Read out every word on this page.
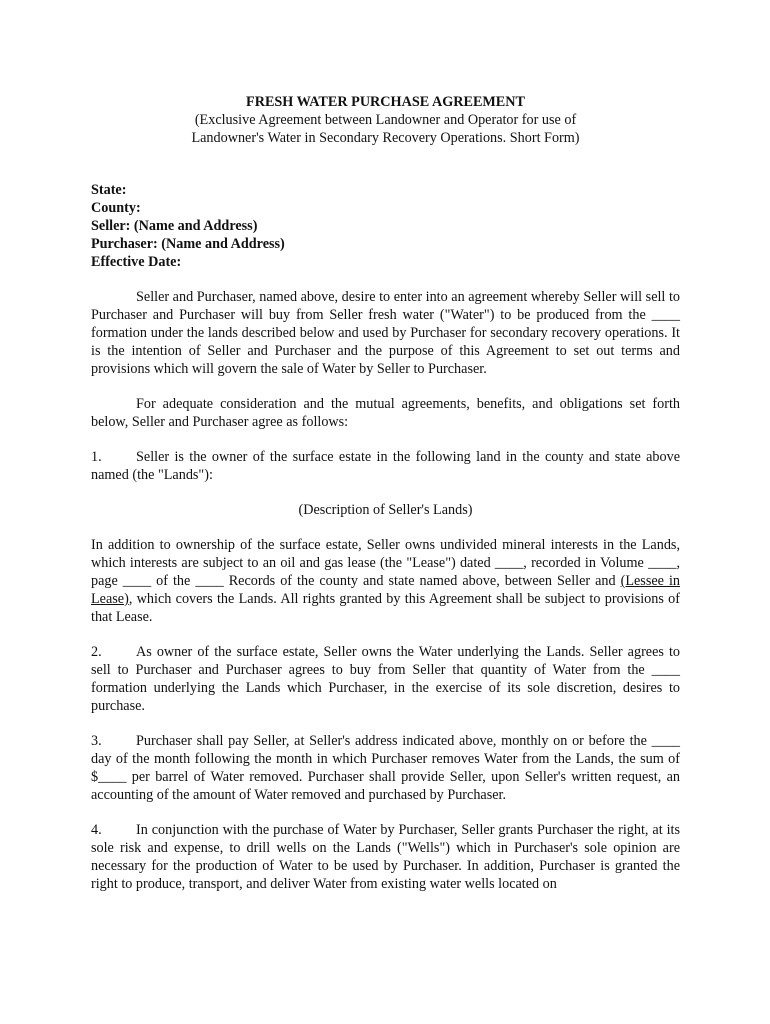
FRESH WATER PURCHASE AGREEMENT
(Exclusive Agreement between Landowner and Operator for use of
Landowner's Water in Secondary Recovery Operations. Short Form)
State:
County:
Seller: (Name and Address)
Purchaser: (Name and Address)
Effective Date:

Seller and Purchaser, named above, desire to enter into an agreement whereby Seller will sell to Purchaser and Purchaser will buy from Seller fresh water ("Water") to be produced from the ____ formation under the lands described below and used by Purchaser for secondary recovery operations. It is the intention of Seller and Purchaser and the purpose of this Agreement to set out terms and provisions which will govern the sale of Water by Seller to Purchaser.

For adequate consideration and the mutual agreements, benefits, and obligations set forth below, Seller and Purchaser agree as follows:

1. Seller is the owner of the surface estate in the following land in the county and state above named (the "Lands"):

(Description of Seller's Lands)

In addition to ownership of the surface estate, Seller owns undivided mineral interests in the Lands, which interests are subject to an oil and gas lease (the "Lease") dated ____, recorded in Volume ____, page ____ of the ____ Records of the county and state named above, between Seller and (Lessee in Lease), which covers the Lands. All rights granted by this Agreement shall be subject to provisions of that Lease.

2. As owner of the surface estate, Seller owns the Water underlying the Lands. Seller agrees to sell to Purchaser and Purchaser agrees to buy from Seller that quantity of Water from the ____ formation underlying the Lands which Purchaser, in the exercise of its sole discretion, desires to purchase.

3. Purchaser shall pay Seller, at Seller's address indicated above, monthly on or before the ____ day of the month following the month in which Purchaser removes Water from the Lands, the sum of $____ per barrel of Water removed. Purchaser shall provide Seller, upon Seller's written request, an accounting of the amount of Water removed and purchased by Purchaser.

4. In conjunction with the purchase of Water by Purchaser, Seller grants Purchaser the right, at its sole risk and expense, to drill wells on the Lands ("Wells") which in Purchaser's sole opinion are necessary for the production of Water to be used by Purchaser. In addition, Purchaser is granted the right to produce, transport, and deliver Water from existing water wells located on
